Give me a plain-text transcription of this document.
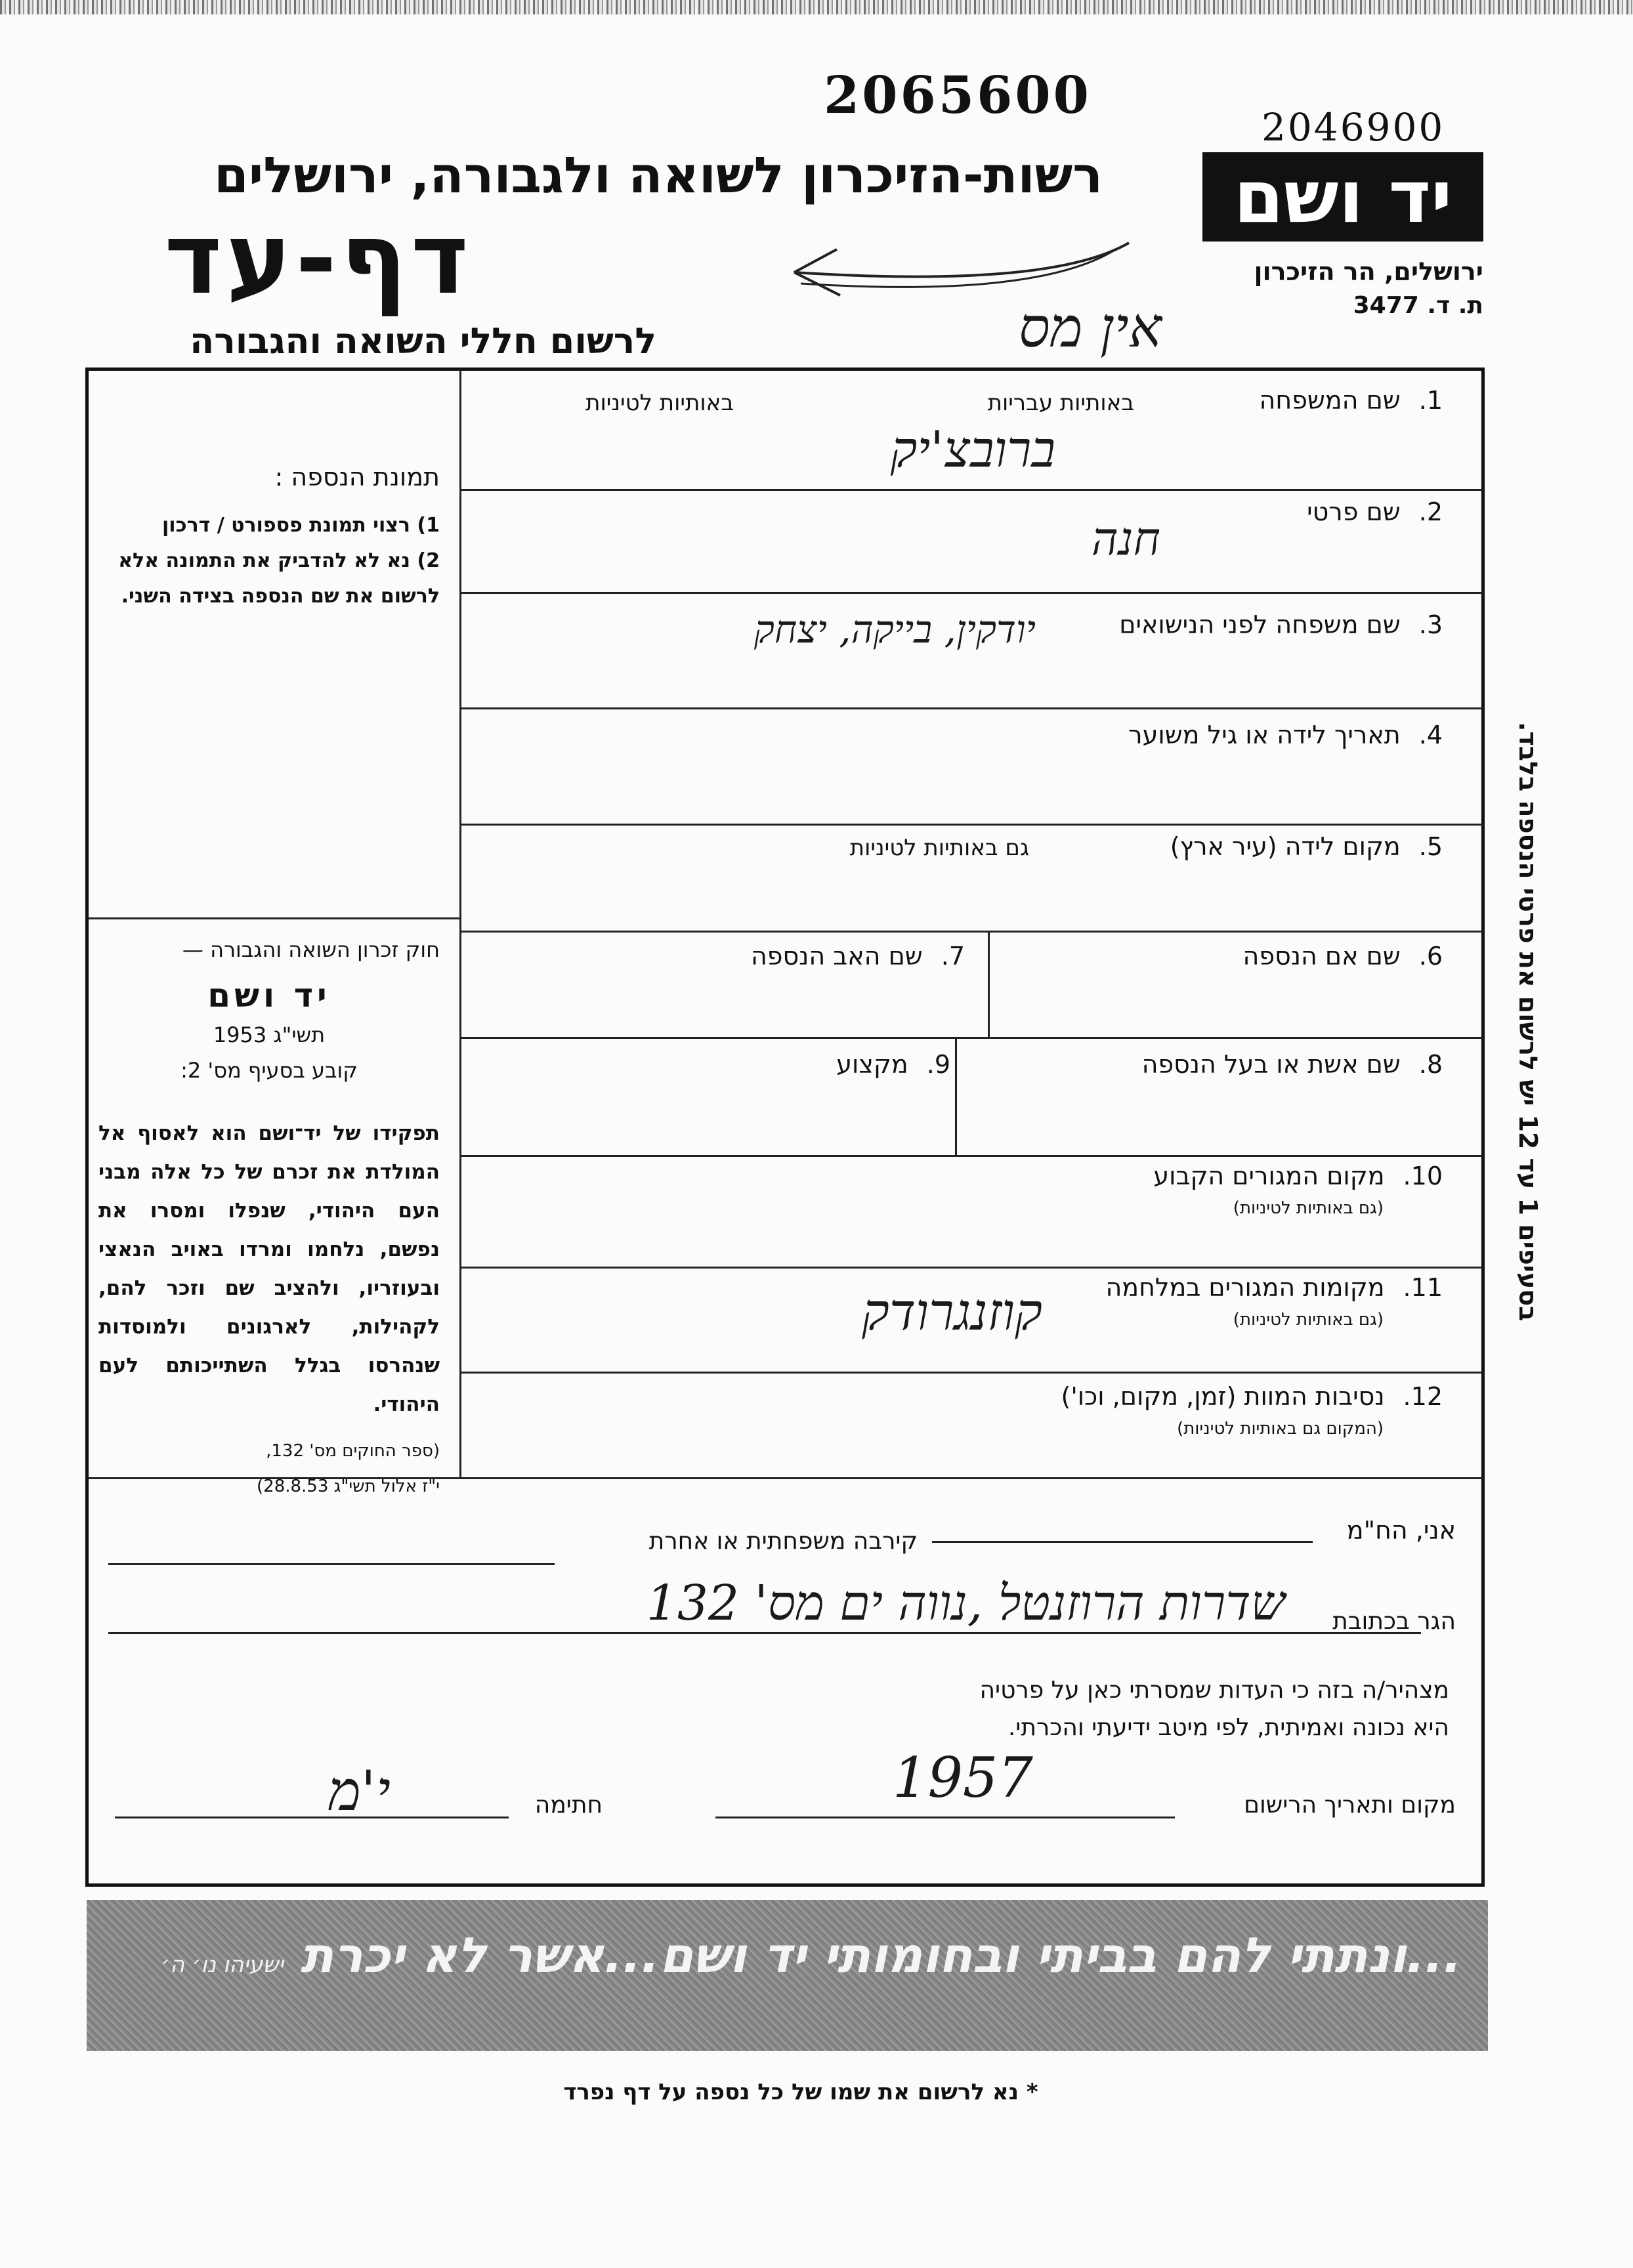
2065600
2046900
רשות-הזיכרון לשואה ולגבורה, ירושלים
דף-עד
לרשום חללי השואה והגבורה
יד ושם
ירושלים, הר הזיכרון
ת. ד. 3477
אין מס
1.שם המשפחה
באותיות עבריות
באותיות לטיניות
ברובצ'יק
2.שם פרטי
חנה
3.שם משפחה לפני הנישואים
יודקין, בייקה, יצחק
4.תאריך לידה או גיל משוער
5.מקום לידה (עיר ארץ)
גם באותיות לטיניות
6.שם אם הנספה
7.שם האב הנספה
8.שם אשת או בעל הנספה
9.מקצוע
10.מקום המגורים הקבוע
(גם באותיות לטיניות)
11.מקומות המגורים במלחמה
(גם באותיות לטיניות)
קוזנגרודק
12.נסיבות המוות (זמן, מקום, וכו')
(המקום גם באותיות לטיניות)
תמונת הנספה :
1) רצוי תמונת פספורט / דרכון
2) נא לא להדביק את התמונה אלא לרשום את שם הנספה בצידה השני.
חוק זכרון השואה והגבורה —
יד ושם
תשי"ג 1953
קובע בסעיף מס' 2:
תפקידו של יד־ושם הוא לאסוף אל המולדת את זכרם של כל אלה מבני העם היהודי, שנפלו ומסרו את נפשם, נלחמו ומרדו באויב הנאצי ובעוזריו, ולהציב שם וזכר להם, לקהילות, לארגונים ולמוסדות שנהרסו בגלל השתייכותם לעם היהודי.
(ספר החוקים מס' 132,
י"ז אלול תשי"ג 28.8.53)
בסעיפים 1 עד 12 יש לרשום את פרטי הנספה בלבד.
אני, הח"מ
קירבה משפחתית או אחרת
הגר בכתובת
שדרות הרוזנטל ,נווה ים מס' 132
מצהיר/ה בזה כי העדות שמסרתי כאן על פרטיה
היא נכונה ואמיתית, לפי מיטב ידיעתי והכרתי.
מקום ותאריך הרישום
1957
חתימה
י'מ
...ונתתי להם בביתי ובחומותי יד ושם...אשר לא יכרת ישעיהו נו׳ ה׳
* נא לרשום את שמו של כל נספה על דף נפרד
